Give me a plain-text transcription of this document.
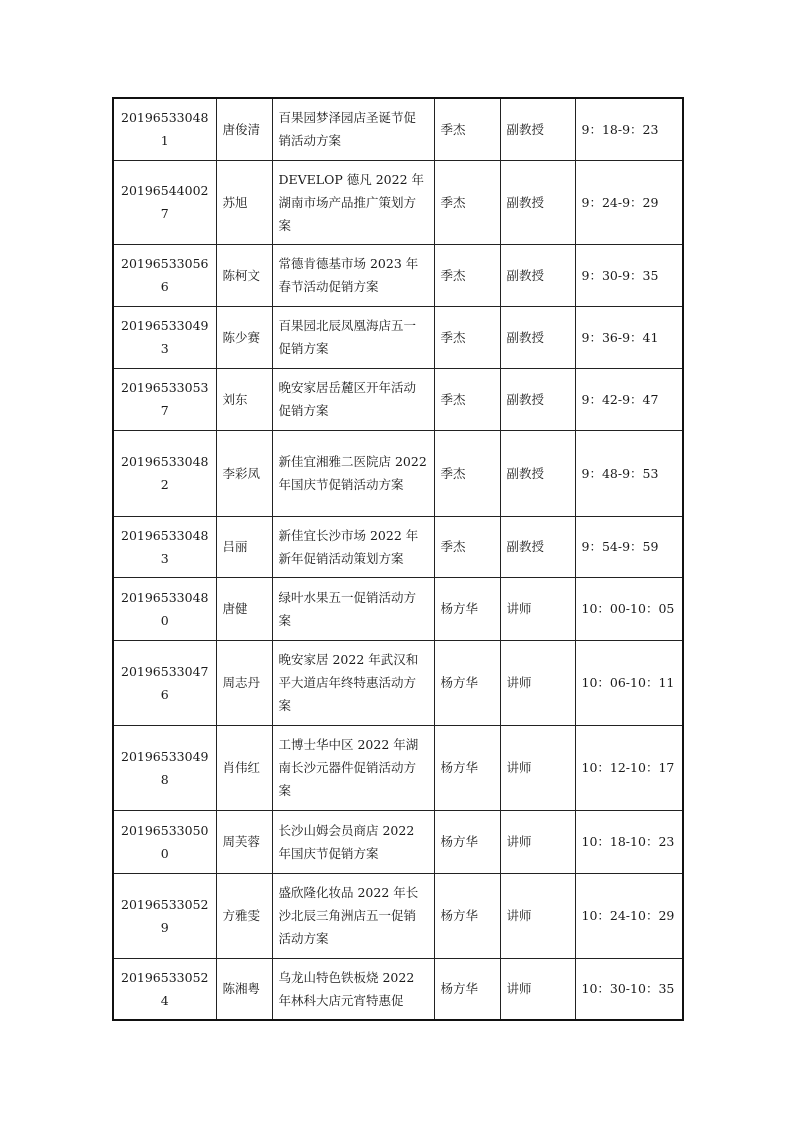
201965330481	唐俊清	百果园梦泽园店圣诞节促销活动方案	季杰	副教授	9：18-9：23
201965440027	苏旭	DEVELOP 德凡 2022 年湖南市场产品推广策划方案	季杰	副教授	9：24-9：29
201965330566	陈柯文	常德肯德基市场 2023 年春节活动促销方案	季杰	副教授	9：30-9：35
201965330493	陈少赛	百果园北辰凤凰海店五一促销方案	季杰	副教授	9：36-9：41
201965330537	刘东	晚安家居岳麓区开年活动促销方案	季杰	副教授	9：42-9：47
201965330482	李彩凤	新佳宜湘雅二医院店 2022 年国庆节促销活动方案	季杰	副教授	9：48-9：53
201965330483	吕丽	新佳宜长沙市场 2022 年新年促销活动策划方案	季杰	副教授	9：54-9：59
201965330480	唐健	绿叶水果五一促销活动方案	杨方华	讲师	10：00-10：05
201965330476	周志丹	晚安家居 2022 年武汉和平大道店年终特惠活动方案	杨方华	讲师	10：06-10：11
201965330498	肖伟红	工博士华中区 2022 年湖南长沙元器件促销活动方案	杨方华	讲师	10：12-10：17
201965330500	周芙蓉	长沙山姆会员商店 2022 年国庆节促销方案	杨方华	讲师	10：18-10：23
201965330529	方雅雯	盛欣隆化妆品 2022 年长沙北辰三角洲店五一促销活动方案	杨方华	讲师	10：24-10：29
201965330524	陈湘粤	乌龙山特色铁板烧 2022 年林科大店元宵特惠促	杨方华	讲师	10：30-10：35
